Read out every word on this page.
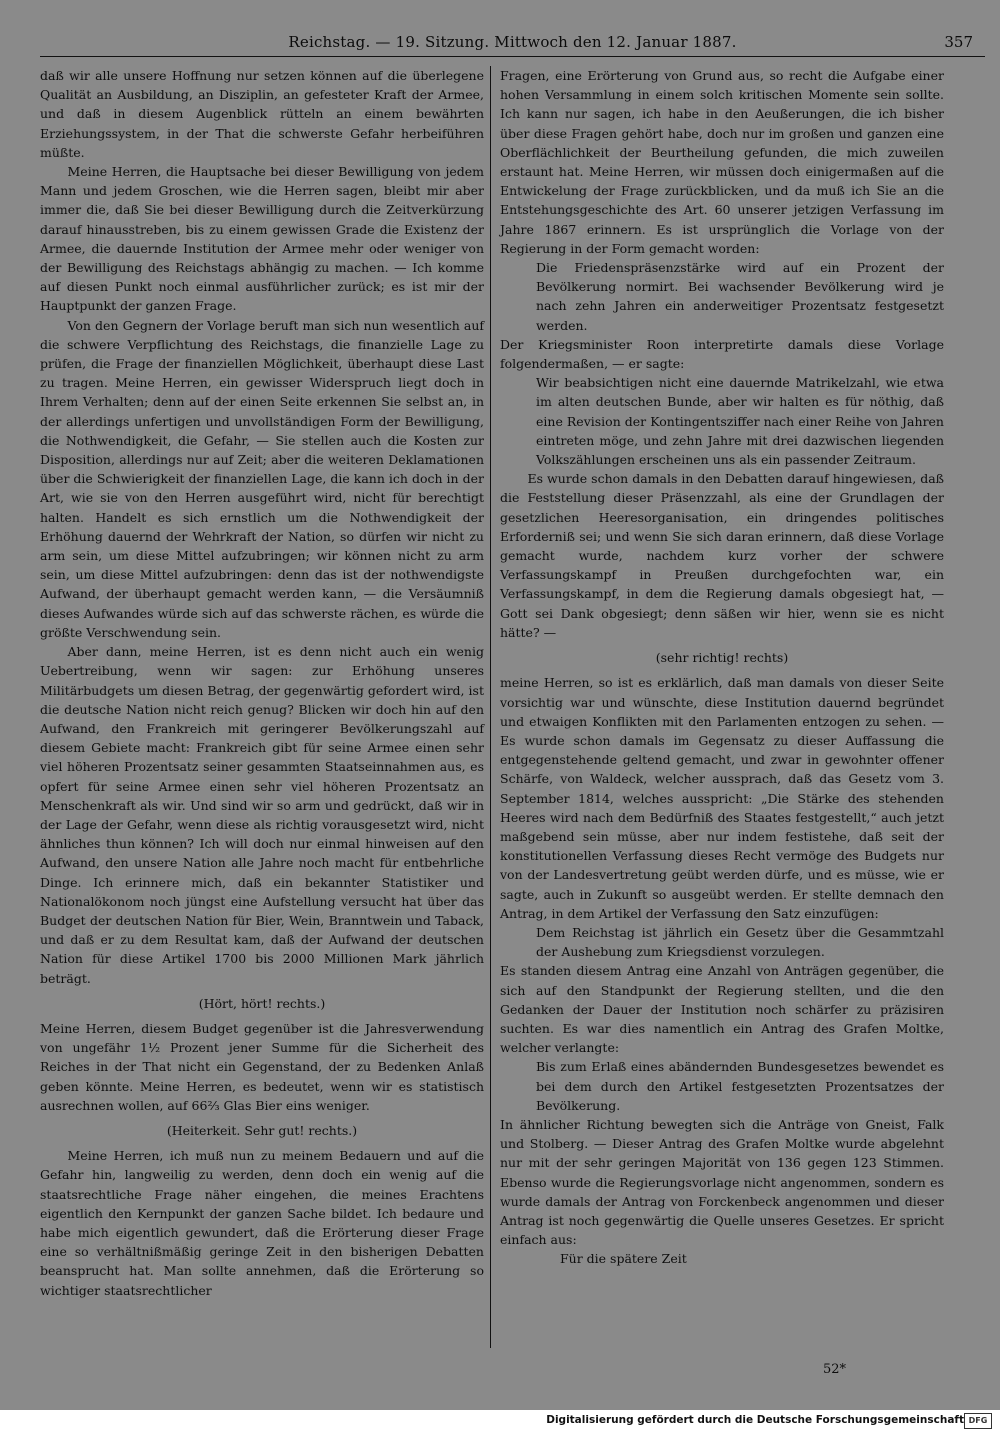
Reichstag. — 19. Sitzung. Mittwoch den 12. Januar 1887.	357

daß wir alle unsere Hoffnung nur setzen können auf die überlegene Qualität an Ausbildung, an Disziplin, an gefesteter Kraft der Armee, und daß in diesem Augenblick rütteln an einem bewährten Erziehungssystem, in der That die schwerste Gefahr herbeiführen müßte.

Meine Herren, die Hauptsache bei dieser Bewilligung von jedem Mann und jedem Groschen, wie die Herren sagen, bleibt mir aber immer die, daß Sie bei dieser Bewilligung durch die Zeitverkürzung darauf hinausstreben, bis zu einem gewissen Grade die Existenz der Armee, die dauernde Institution der Armee mehr oder weniger von der Bewilligung des Reichstags abhängig zu machen. — Ich komme auf diesen Punkt noch einmal ausführlicher zurück; es ist mir der Hauptpunkt der ganzen Frage.

Von den Gegnern der Vorlage beruft man sich nun wesentlich auf die schwere Verpflichtung des Reichstags, die finanzielle Lage zu prüfen, die Frage der finanziellen Möglichkeit, überhaupt diese Last zu tragen. Meine Herren, ein gewisser Widerspruch liegt doch in Ihrem Verhalten; denn auf der einen Seite erkennen Sie selbst an, in der allerdings unfertigen und unvollständigen Form der Bewilligung, die Nothwendigkeit, die Gefahr, — Sie stellen auch die Kosten zur Disposition, allerdings nur auf Zeit; aber die weiteren Deklamationen über die Schwierigkeit der finanziellen Lage, die kann ich doch in der Art, wie sie von den Herren ausgeführt wird, nicht für berechtigt halten. Handelt es sich ernstlich um die Nothwendigkeit der Erhöhung dauernd der Wehrkraft der Nation, so dürfen wir nicht zu arm sein, um diese Mittel aufzubringen; wir können nicht zu arm sein, um diese Mittel aufzubringen: denn das ist der nothwendigste Aufwand, der überhaupt gemacht werden kann, — die Versäumniß dieses Aufwandes würde sich auf das schwerste rächen, es würde die größte Verschwendung sein.

Aber dann, meine Herren, ist es denn nicht auch ein wenig Uebertreibung, wenn wir sagen: zur Erhöhung unseres Militärbudgets um diesen Betrag, der gegenwärtig gefordert wird, ist die deutsche Nation nicht reich genug? Blicken wir doch hin auf den Aufwand, den Frankreich mit geringerer Bevölkerungszahl auf diesem Gebiete macht: Frankreich gibt für seine Armee einen sehr viel höheren Prozentsatz seiner gesammten Staatseinnahmen aus, es opfert für seine Armee einen sehr viel höheren Prozentsatz an Menschenkraft als wir. Und sind wir so arm und gedrückt, daß wir in der Lage der Gefahr, wenn diese als richtig vorausgesetzt wird, nicht ähnliches thun können? Ich will doch nur einmal hinweisen auf den Aufwand, den unsere Nation alle Jahre noch macht für entbehrliche Dinge. Ich erinnere mich, daß ein bekannter Statistiker und Nationalökonom noch jüngst eine Aufstellung versucht hat über das Budget der deutschen Nation für Bier, Wein, Branntwein und Taback, und daß er zu dem Resultat kam, daß der Aufwand der deutschen Nation für diese Artikel 1700 bis 2000 Millionen Mark jährlich beträgt.

(Hört, hört! rechts.)

Meine Herren, diesem Budget gegenüber ist die Jahresverwendung von ungefähr 1½ Prozent jener Summe für die Sicherheit des Reiches in der That nicht ein Gegenstand, der zu Bedenken Anlaß geben könnte. Meine Herren, es bedeutet, wenn wir es statistisch ausrechnen wollen, auf 66⅔ Glas Bier eins weniger.

(Heiterkeit. Sehr gut! rechts.)

Meine Herren, ich muß nun zu meinem Bedauern und auf die Gefahr hin, langweilig zu werden, denn doch ein wenig auf die staatsrechtliche Frage näher eingehen, die meines Erachtens eigentlich den Kernpunkt der ganzen Sache bildet. Ich bedaure und habe mich eigentlich gewundert, daß die Erörterung dieser Frage eine so verhältnißmäßig geringe Zeit in den bisherigen Debatten beansprucht hat. Man sollte annehmen, daß die Erörterung so wichtiger staatsrechtlicher

Fragen, eine Erörterung von Grund aus, so recht die Aufgabe einer hohen Versammlung in einem solch kritischen Momente sein sollte. Ich kann nur sagen, ich habe in den Aeußerungen, die ich bisher über diese Fragen gehört habe, doch nur im großen und ganzen eine Oberflächlichkeit der Beurtheilung gefunden, die mich zuweilen erstaunt hat. Meine Herren, wir müssen doch einigermaßen auf die Entwickelung der Frage zurückblicken, und da muß ich Sie an die Entstehungsgeschichte des Art. 60 unserer jetzigen Verfassung im Jahre 1867 erinnern. Es ist ursprünglich die Vorlage von der Regierung in der Form gemacht worden:

Die Friedenspräsenzstärke wird auf ein Prozent der Bevölkerung normirt. Bei wachsender Bevölkerung wird je nach zehn Jahren ein anderweitiger Prozentsatz festgesetzt werden.

Der Kriegsminister Roon interpretirte damals diese Vorlage folgendermaßen, — er sagte:

Wir beabsichtigen nicht eine dauernde Matrikelzahl, wie etwa im alten deutschen Bunde, aber wir halten es für nöthig, daß eine Revision der Kontingentsziffer nach einer Reihe von Jahren eintreten möge, und zehn Jahre mit drei dazwischen liegenden Volkszählungen erscheinen uns als ein passender Zeitraum.

Es wurde schon damals in den Debatten darauf hingewiesen, daß die Feststellung dieser Präsenzzahl, als eine der Grundlagen der gesetzlichen Heeresorganisation, ein dringendes politisches Erforderniß sei; und wenn Sie sich daran erinnern, daß diese Vorlage gemacht wurde, nachdem kurz vorher der schwere Verfassungskampf in Preußen durchgefochten war, ein Verfassungskampf, in dem die Regierung damals obgesiegt hat, — Gott sei Dank obgesiegt; denn säßen wir hier, wenn sie es nicht hätte? —

(sehr richtig! rechts)

meine Herren, so ist es erklärlich, daß man damals von dieser Seite vorsichtig war und wünschte, diese Institution dauernd begründet und etwaigen Konflikten mit den Parlamenten entzogen zu sehen. — Es wurde schon damals im Gegensatz zu dieser Auffassung die entgegenstehende geltend gemacht, und zwar in gewohnter offener Schärfe, von Waldeck, welcher aussprach, daß das Gesetz vom 3. September 1814, welches ausspricht: „Die Stärke des stehenden Heeres wird nach dem Bedürfniß des Staates festgestellt,“ auch jetzt maßgebend sein müsse, aber nur indem festistehe, daß seit der konstitutionellen Verfassung dieses Recht vermöge des Budgets nur von der Landesvertretung geübt werden dürfe, und es müsse, wie er sagte, auch in Zukunft so ausgeübt werden. Er stellte demnach den Antrag, in dem Artikel der Verfassung den Satz einzufügen:

Dem Reichstag ist jährlich ein Gesetz über die Gesammtzahl der Aushebung zum Kriegsdienst vorzulegen.

Es standen diesem Antrag eine Anzahl von Anträgen gegenüber, die sich auf den Standpunkt der Regierung stellten, und die den Gedanken der Dauer der Institution noch schärfer zu präzisiren suchten. Es war dies namentlich ein Antrag des Grafen Moltke, welcher verlangte:

Bis zum Erlaß eines abändernden Bundesgesetzes bewendet es bei dem durch den Artikel festgesetzten Prozentsatzes der Bevölkerung.

In ähnlicher Richtung bewegten sich die Anträge von Gneist, Falk und Stolberg. — Dieser Antrag des Grafen Moltke wurde abgelehnt nur mit der sehr geringen Majorität von 136 gegen 123 Stimmen. Ebenso wurde die Regierungsvorlage nicht angenommen, sondern es wurde damals der Antrag von Forckenbeck angenommen und dieser Antrag ist noch gegenwärtig die Quelle unseres Gesetzes. Er spricht einfach aus:

Für die spätere Zeit

52*
Digitalisierung gefördert durch die Deutsche Forschungsgemeinschaft DFG
